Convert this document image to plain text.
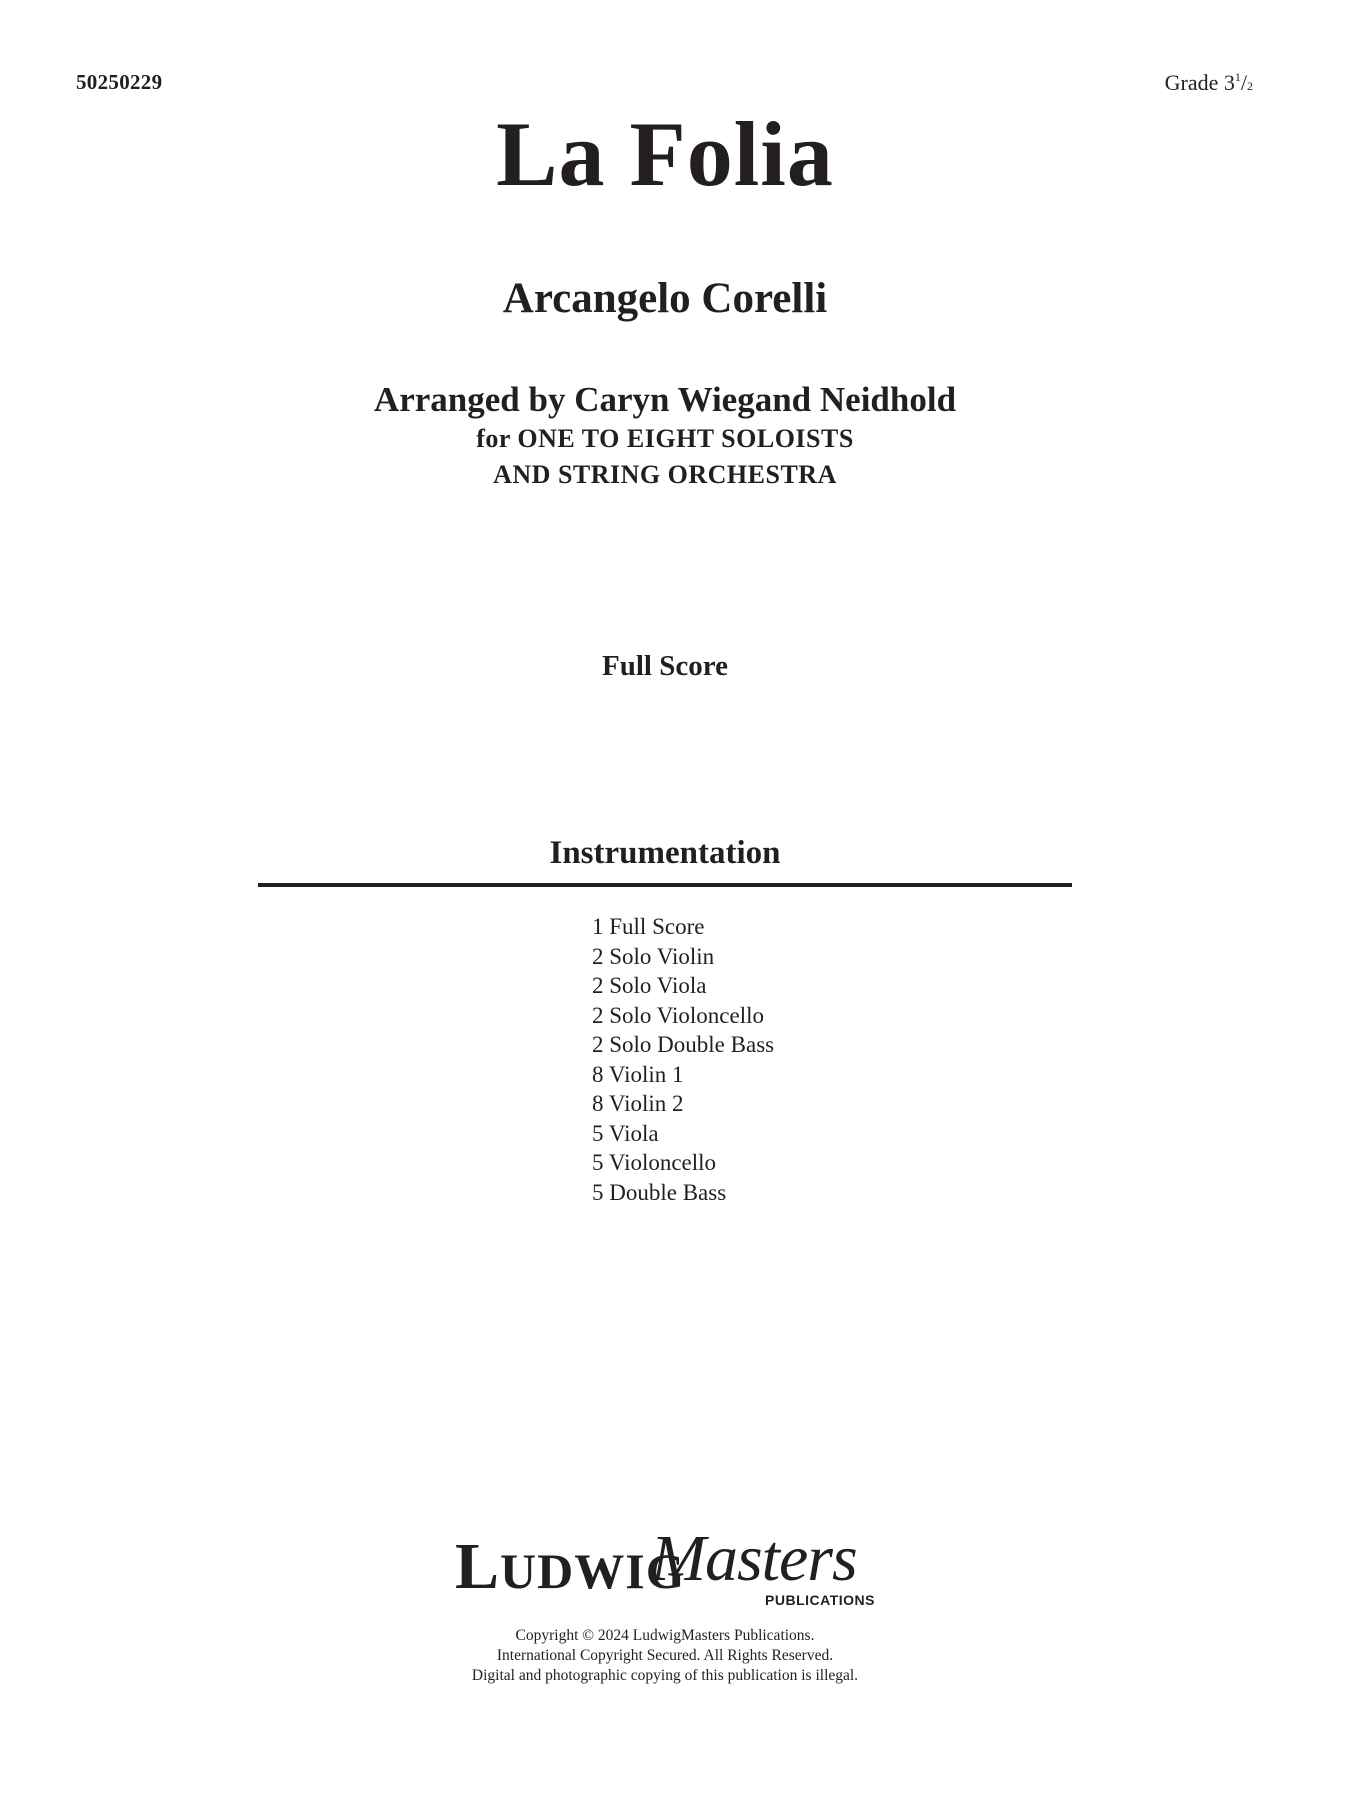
50250229	Grade $3^1/2$
La Folia
Arcangelo Corelli
Arranged by Caryn Wiegand Neidhold
for ONE TO EIGHT SOLOISTS
AND STRING ORCHESTRA
Full Score
Instrumentation
1 Full Score
2 Solo Violin
2 Solo Viola
2 Solo Violoncello
2 Solo Double Bass
8 Violin 1
8 Violin 2
5 Viola
5 Violoncello
5 Double Bass
LUDWIG
Masters
PUBLICATIONS
Copyright © 2024 LudwigMasters Publications.
International Copyright Secured. All Rights Reserved.
Digital and photographic copying of this publication is illegal.
